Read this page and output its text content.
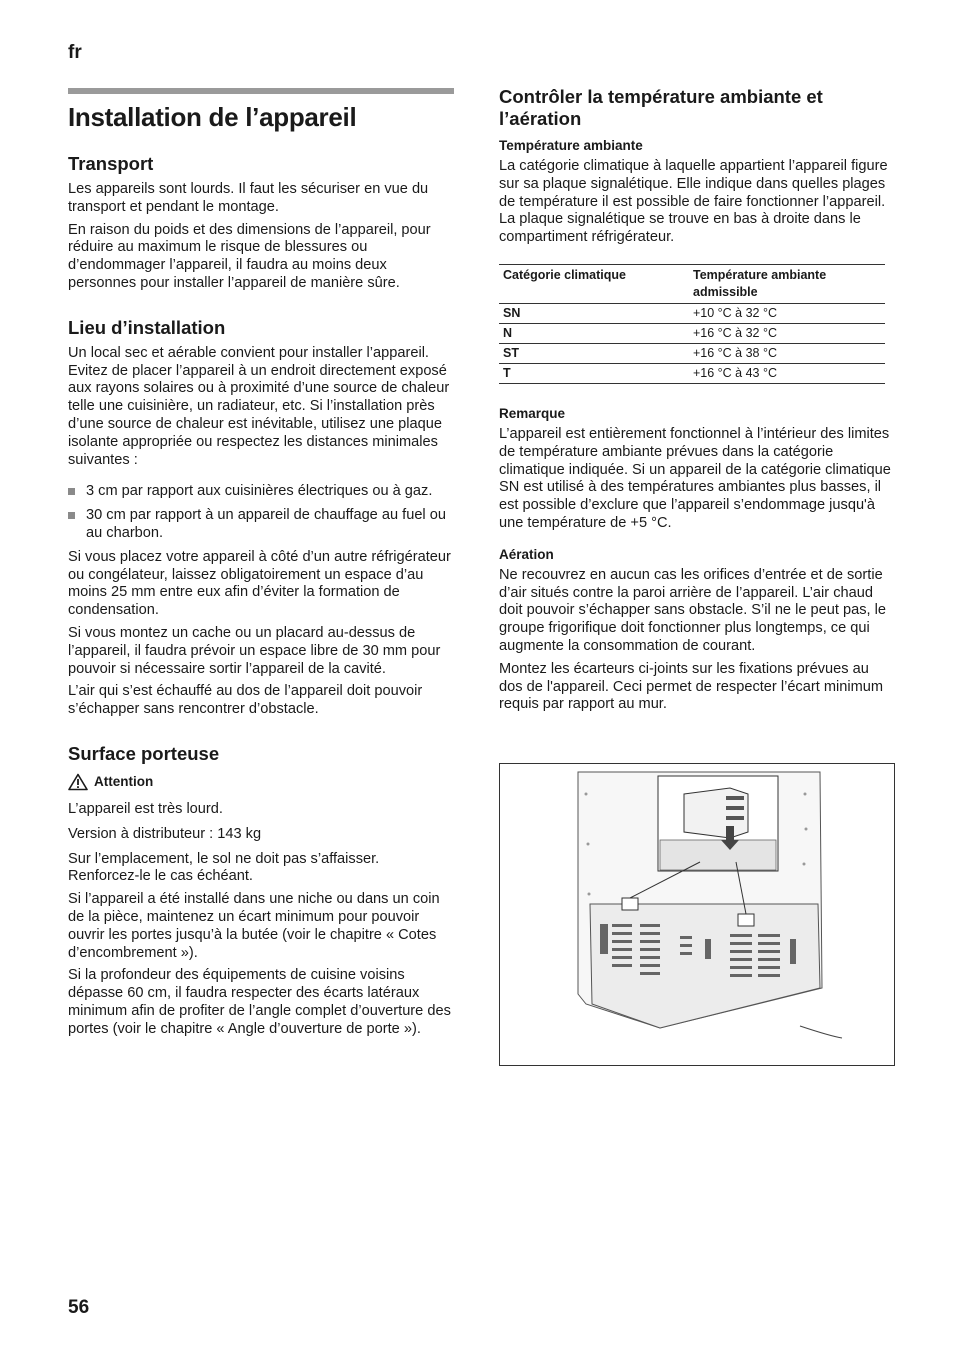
fr
Installation de l’appareil
Transport

Les appareils sont lourds. Il faut les sécuriser en vue du transport et pendant le montage.

En raison du poids et des dimensions de l’appareil, pour réduire au maximum le risque de blessures ou d’endommager l’appareil, il faudra au moins deux personnes pour installer l’appareil de manière sûre.

Lieu d’installation

Un local sec et aérable convient pour installer l’appareil. Evitez de placer l’appareil à un endroit directement exposé aux rayons solaires ou à proximité d’une source de chaleur telle une cuisinière, un radiateur, etc. Si l’installation près d’une source de chaleur est inévitable, utilisez une plaque isolante appropriée ou respectez les distances minimales suivantes :

3 cm par rapport aux cuisinières électriques ou à gaz.
30 cm par rapport à un appareil de chauffage au fuel ou au charbon.

Si vous placez votre appareil à côté d’un autre réfrigérateur ou congélateur, laissez obligatoirement un espace d’au moins 25 mm entre eux afin d’éviter la formation de condensation.

Si vous montez un cache ou un placard au-dessus de l’appareil, il faudra prévoir un espace libre de 30 mm pour pouvoir si nécessaire sortir l’appareil de la cavité.

L’air qui s’est échauffé au dos de l’appareil doit pouvoir s’échapper sans rencontrer d’obstacle.

Surface porteuse
Attention

L’appareil est très lourd.

Version à distributeur : 143 kg

Sur l’emplacement, le sol ne doit pas s’affaisser. Renforcez-le le cas échéant.

Si l’appareil a été installé dans une niche ou dans un coin de la pièce, maintenez un écart minimum pour pouvoir ouvrir les portes jusqu’à la butée (voir le chapitre « Cotes d’encombrement »).

Si la profondeur des équipements de cuisine voisins dépasse 60 cm, il faudra respecter des écarts latéraux minimum afin de profiter de l’angle complet d’ouverture des portes (voir le chapitre « Angle d’ouverture de porte »).

Contrôler la température ambiante et l’aération
Température ambiante

La catégorie climatique à laquelle appartient l’appareil figure sur sa plaque signalétique. Elle indique dans quelles plages de température il est possible de faire fonctionner l’appareil. La plaque signalétique se trouve en bas à droite dans le compartiment réfrigérateur.

Catégorie climatique	Température ambiante admissible
SN	+10 °C à 32 °C
N	+16 °C à 32 °C
ST	+16 °C à 38 °C
T	+16 °C à 43 °C
Remarque

L’appareil est entièrement fonctionnel à l’intérieur des limites de température ambiante prévues dans la catégorie climatique indiquée. Si un appareil de la catégorie climatique SN est utilisé à des températures ambiantes plus basses, il est possible d’exclure que l’appareil s’endommage jusqu'à une température de +5 °C.

Aération

Ne recouvrez en aucun cas les orifices d’entrée et de sortie d’air situés contre la paroi arrière de l’appareil. L’air chaud doit pouvoir s’échapper sans obstacle. S’il ne le peut pas, le groupe frigorifique doit fonctionner plus longtemps, ce qui augmente la consommation de courant.

Montez les écarteurs ci-joints sur les fixations prévues au dos de l'appareil. Ceci permet de respecter l’écart minimum requis par rapport au mur.

56
